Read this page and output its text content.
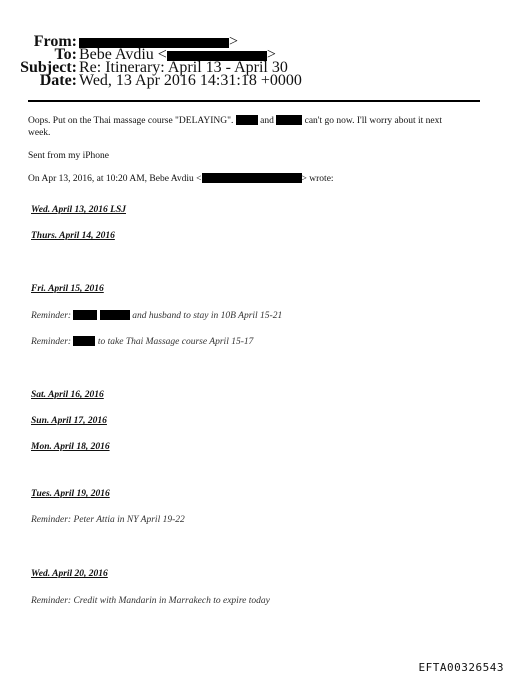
From:	>
To: Bebe Avdiu <	>
Subject: Re: Itinerary: April 13 - April 30
Date: Wed, 13 Apr 2016 14:31:18 +0000
Oops. Put on the Thai massage course "DELAYING".	and	can't go now. I'll worry about it next
week.
Sent from my iPhone
On Apr 13, 2016, at 10:20 AM, Bebe Avdiu <	> wrote:
Wed. April 13, 2016 LSJ
Thurs. April 14, 2016
Fri. April 15, 2016
Reminder:	and husband to stay in 10B April 15-21
Reminder:	to take Thai Massage course April 15-17
Sat. April 16, 2016
Sun. April 17, 2016
Mon. April 18, 2016
Tues. April 19, 2016
Reminder: Peter Attia in NY April 19-22
Wed. April 20, 2016
Reminder: Credit with Mandarin in Marrakech to expire today
EFTA00326543
